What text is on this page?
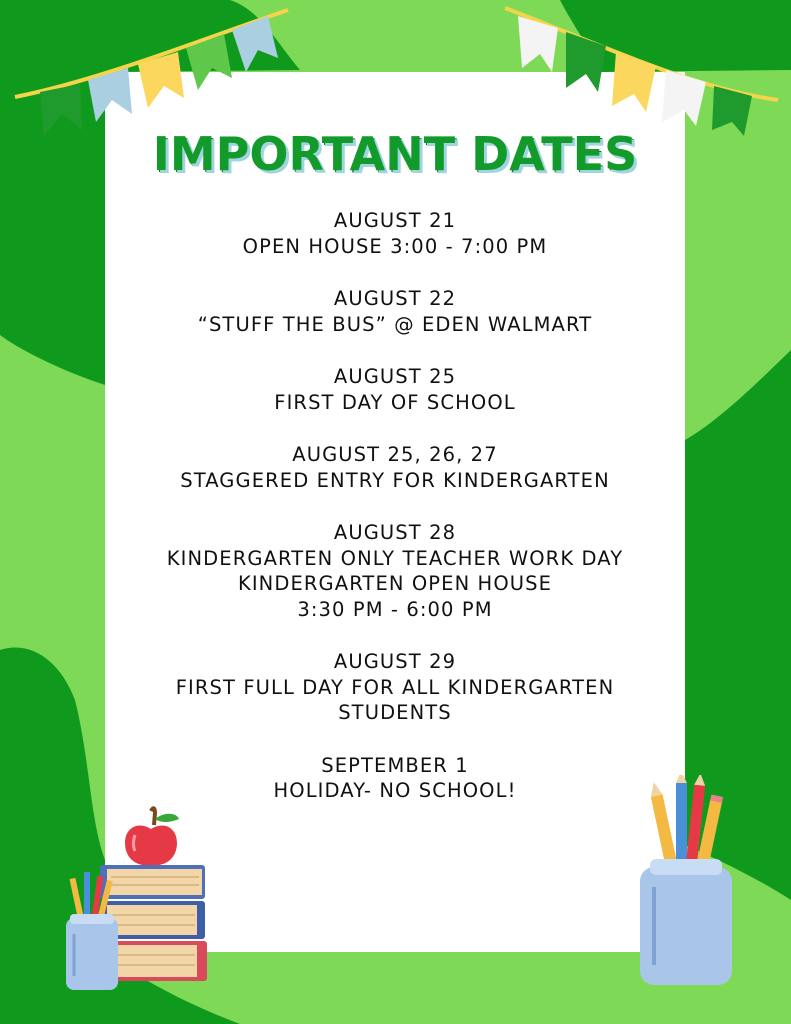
IMPORTANT DATES
AUGUST 21
OPEN HOUSE 3:00 - 7:00 PM
AUGUST 22
“STUFF THE BUS” @ EDEN WALMART
AUGUST 25
FIRST DAY OF SCHOOL
AUGUST 25, 26, 27
STAGGERED ENTRY FOR KINDERGARTEN
AUGUST 28
KINDERGARTEN ONLY TEACHER WORK DAY
KINDERGARTEN OPEN HOUSE
3:30 PM - 6:00 PM
AUGUST 29
FIRST FULL DAY FOR ALL KINDERGARTEN
STUDENTS
SEPTEMBER 1
HOLIDAY- NO SCHOOL!
